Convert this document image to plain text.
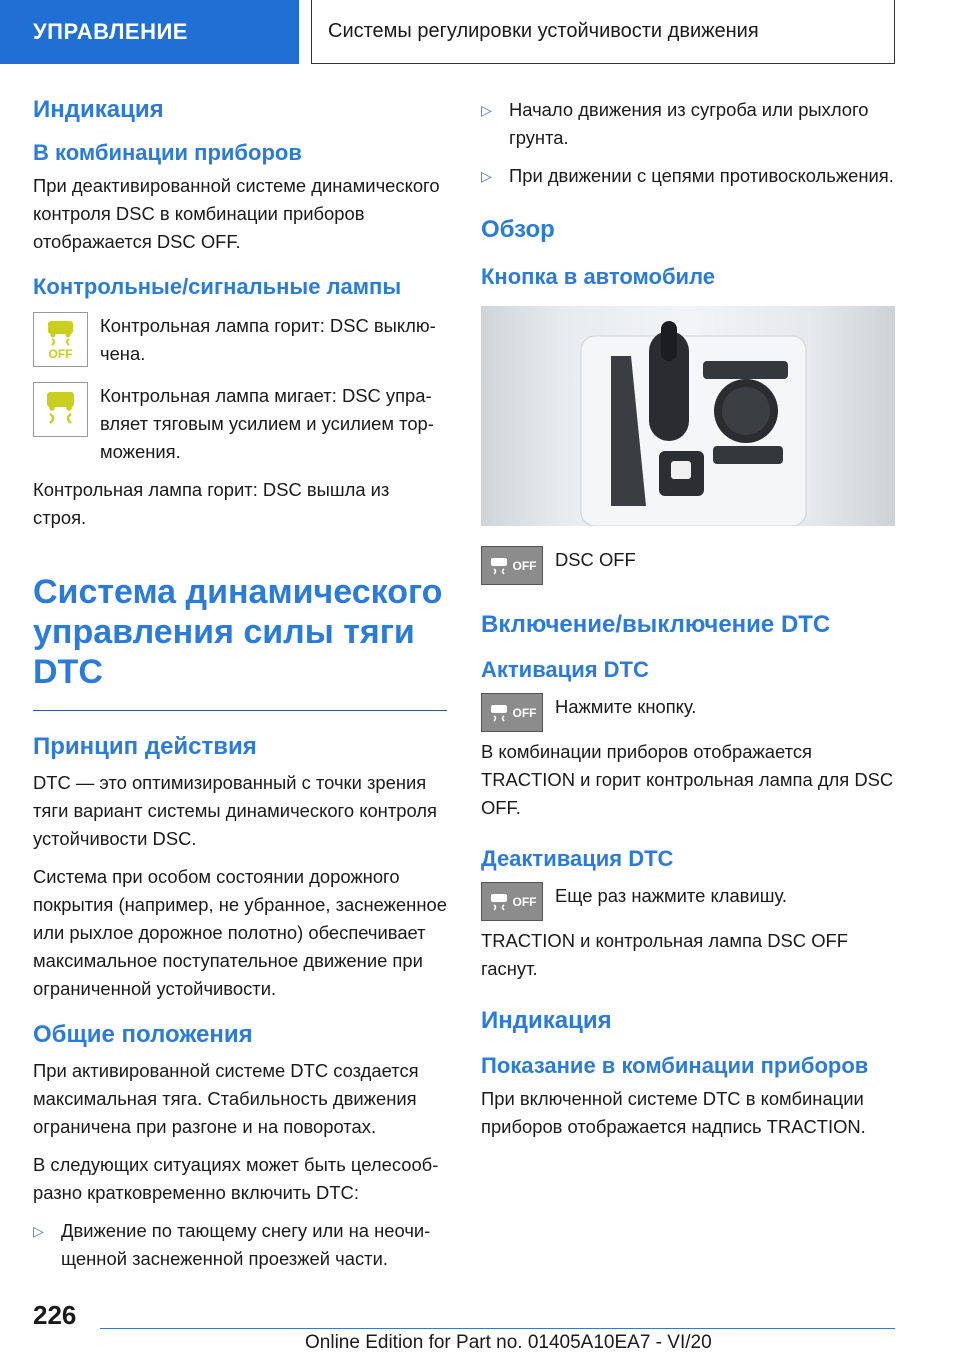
УПРАВЛЕНИЕ	Системы регулировки устойчивости движения
Индикация
В комбинации приборов

При деактивированной системе динамического контроля DSC в комбинации приборов отображается DSC OFF.

Контрольные/сигнальные лампы
OFF
Контрольная лампа горит: DSC выключена.
Контрольная лампа мигает: DSC управляет тяговым усилием и усилием торможения.

Контрольная лампа горит: DSC вышла из строя.

Система динамического управления силы тяги DTC
Принцип действия

DTC — это оптимизированный с точки зрения тяги вариант системы динамического контроля устойчивости DSC.

Система при особом состоянии дорожного покрытия (например, не убранное, заснеженное или рыхлое дорожное полотно) обеспечивает максимальное поступательное движение при ограниченной устойчивости.

Общие положения

При активированной системе DTC создается максимальная тяга. Стабильность движения ограничена при разгоне и на поворотах.

В следующих ситуациях может быть целесообразно кратковременно включить DTC:

▷ Движение по тающему снегу или на неочищенной заснеженной проезжей части.
▷ Начало движения из сугроба или рыхлого грунта.
▷ При движении с цепями противоскольжения.
Обзор
Кнопка в автомобиле
OFF DSC OFF
Включение/выключение DTC
Активация DTC
OFF Нажмите кнопку.

В комбинации приборов отображается TRACTION и горит контрольная лампа для DSC OFF.

Деактивация DTC
OFF Еще раз нажмите клавишу.

TRACTION и контрольная лампа DSC OFF гаснут.

Индикация
Показание в комбинации приборов

При включенной системе DTC в комбинации приборов отображается надпись TRACTION.

226
Online Edition for Part no. 01405A10EA7 - VI/20
